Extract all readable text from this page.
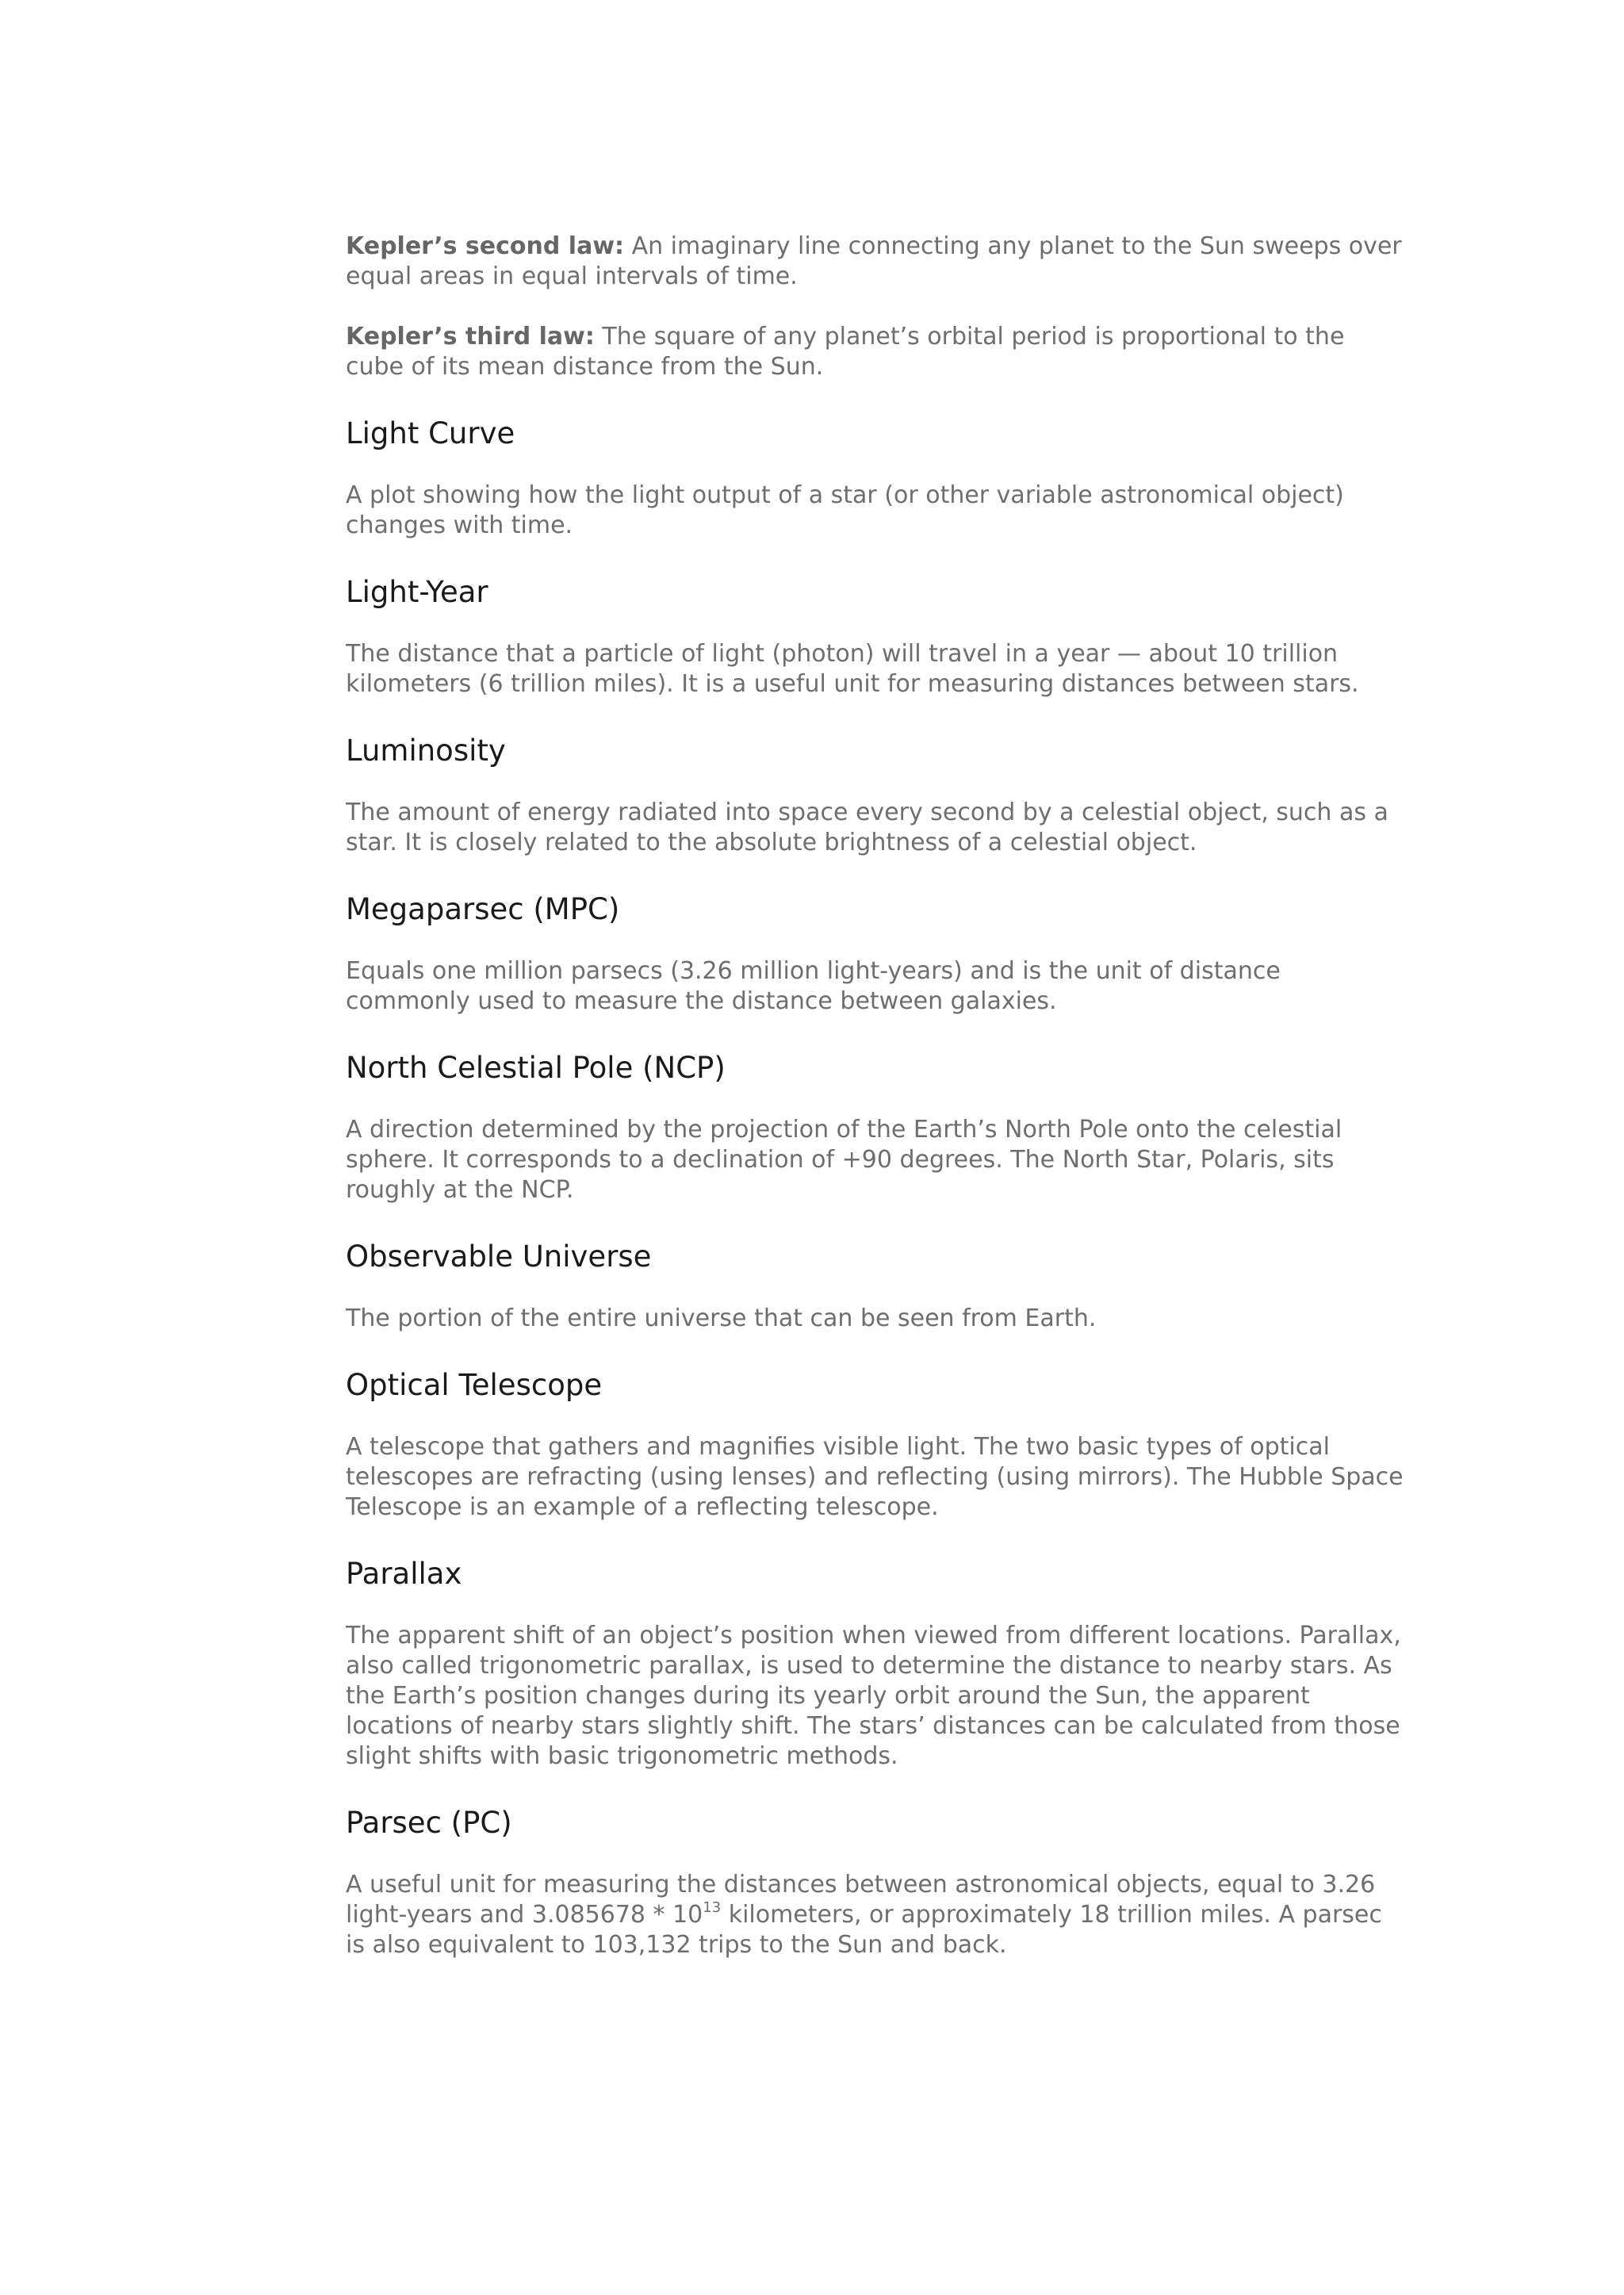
Kepler’s second law: An imaginary line connecting any planet to the Sun sweeps over equal areas in equal intervals of time.

Kepler’s third law: The square of any planet’s orbital period is proportional to the cube of its mean distance from the Sun.

Light Curve

A plot showing how the light output of a star (or other variable astronomical object) changes with time.

Light-Year

The distance that a particle of light (photon) will travel in a year — about 10 trillion kilometers (6 trillion miles). It is a useful unit for measuring distances between stars.

Luminosity

The amount of energy radiated into space every second by a celestial object, such as a star. It is closely related to the absolute brightness of a celestial object.

Megaparsec (MPC)

Equals one million parsecs (3.26 million light-years) and is the unit of distance commonly used to measure the distance between galaxies.

North Celestial Pole (NCP)

A direction determined by the projection of the Earth’s North Pole onto the celestial sphere. It corresponds to a declination of +90 degrees. The North Star, Polaris, sits roughly at the NCP.

Observable Universe

The portion of the entire universe that can be seen from Earth.

Optical Telescope

A telescope that gathers and magnifies visible light. The two basic types of optical telescopes are refracting (using lenses) and reflecting (using mirrors). The Hubble Space Telescope is an example of a reflecting telescope.

Parallax

The apparent shift of an object’s position when viewed from different locations. Parallax, also called trigonometric parallax, is used to determine the distance to nearby stars. As the Earth’s position changes during its yearly orbit around the Sun, the apparent locations of nearby stars slightly shift. The stars’ distances can be calculated from those slight shifts with basic trigonometric methods.

Parsec (PC)

A useful unit for measuring the distances between astronomical objects, equal to 3.26 light-years and $3.085678 * 10^{13}$ kilometers, or approximately 18 trillion miles. A parsec is also equivalent to 103,132 trips to the Sun and back.
